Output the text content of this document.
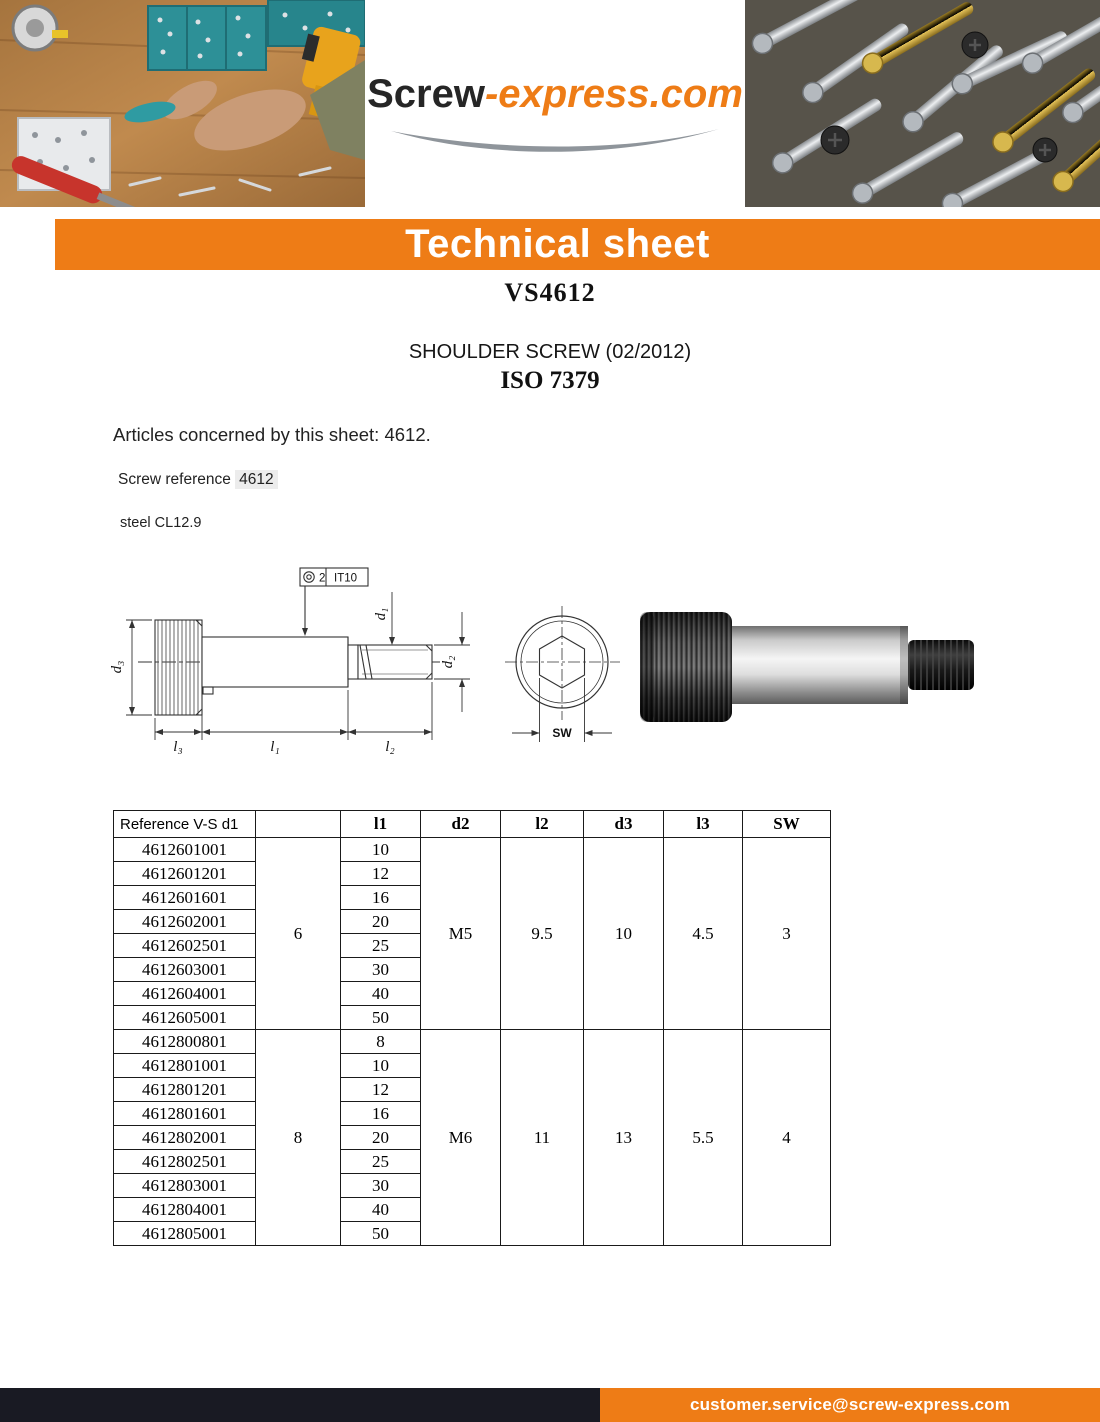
Screw-express.com
Technical sheet
VS4612
SHOULDER SCREW (02/2012)
ISO 7379
Articles concerned by this sheet: 4612.
Screw reference 4612
steel CL12.9
2 IT10
d₃
d₁
d₂
l₃	l₁	l₂
SW
Reference V-S d1		l1	d2	l2	d3	l3	SW
4612601001	6	10	M5	9.5	10	4.5	3
4612601201		12					
4612601601		16					
4612602001		20					
4612602501		25					
4612603001		30					
4612604001		40					
4612605001		50					
4612800801	8	8	M6	11	13	5.5	4
4612801001		10					
4612801201		12					
4612801601		16					
4612802001		20					
4612802501		25					
4612803001		30					
4612804001		40					
4612805001		50					
customer.service@screw-express.com
